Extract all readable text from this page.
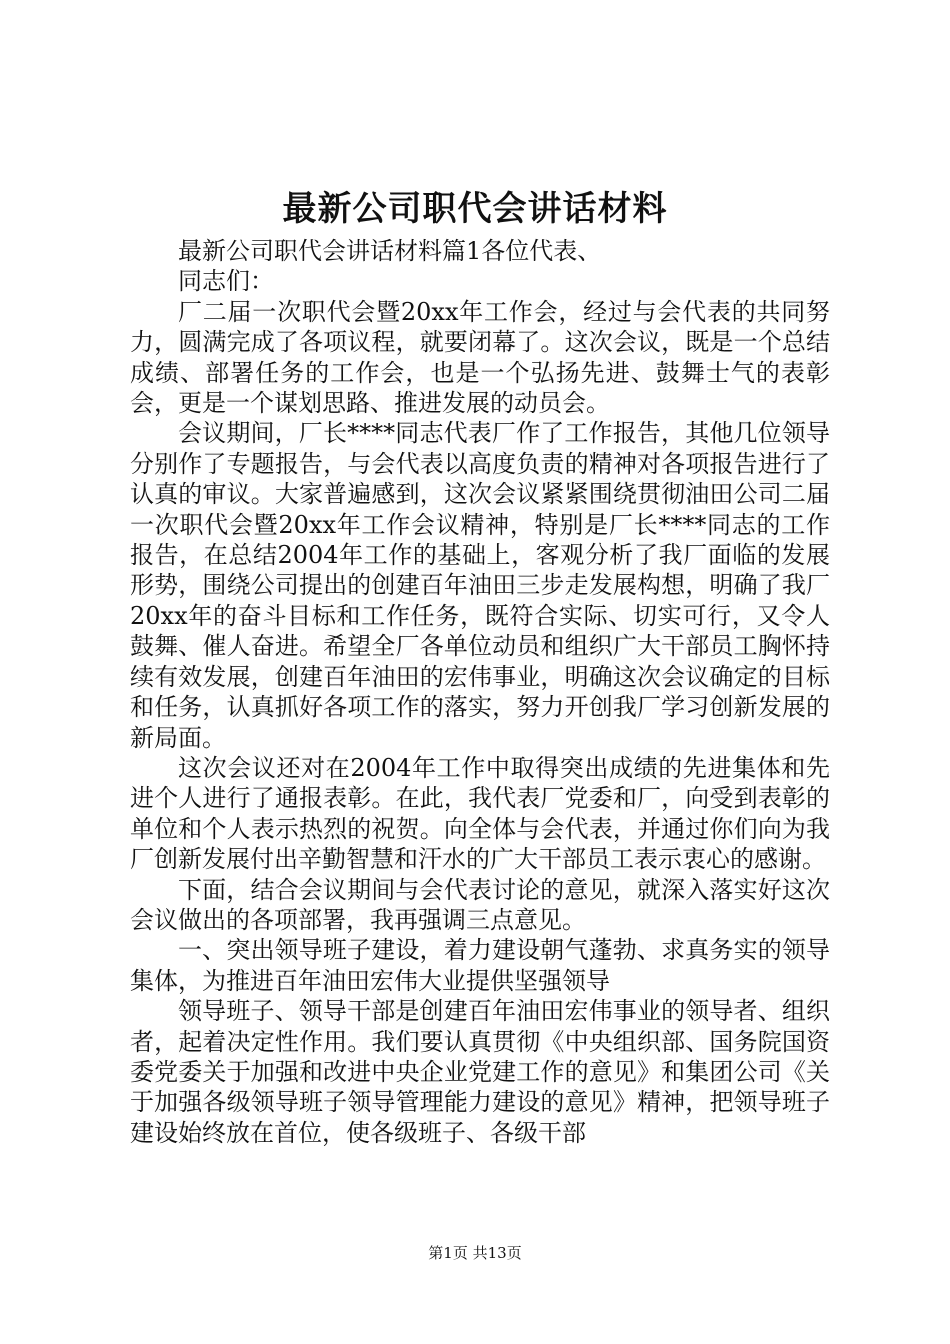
最新公司职代会讲话材料

最新公司职代会讲话材料篇1各位代表、

同志们：

厂二届一次职代会暨20xx年工作会，经过与会代表的共同努力，圆满完成了各项议程，就要闭幕了。这次会议，既是一个总结成绩、部署任务的工作会，也是一个弘扬先进、鼓舞士气的表彰会，更是一个谋划思路、推进发展的动员会。

会议期间，厂长****同志代表厂作了工作报告，其他几位领导分别作了专题报告，与会代表以高度负责的精神对各项报告进行了认真的审议。大家普遍感到，这次会议紧紧围绕贯彻油田公司二届一次职代会暨20xx年工作会议精神，特别是厂长****同志的工作报告，在总结2004年工作的基础上，客观分析了我厂面临的发展形势，围绕公司提出的创建百年油田三步走发展构想，明确了我厂20xx年的奋斗目标和工作任务，既符合实际、切实可行，又令人鼓舞、催人奋进。希望全厂各单位动员和组织广大干部员工胸怀持续有效发展，创建百年油田的宏伟事业，明确这次会议确定的目标和任务，认真抓好各项工作的落实，努力开创我厂学习创新发展的新局面。

这次会议还对在2004年工作中取得突出成绩的先进集体和先进个人进行了通报表彰。在此，我代表厂党委和厂，向受到表彰的单位和个人表示热烈的祝贺。向全体与会代表，并通过你们向为我厂创新发展付出辛勤智慧和汗水的广大干部员工表示衷心的感谢。

下面，结合会议期间与会代表讨论的意见，就深入落实好这次会议做出的各项部署，我再强调三点意见。

一、突出领导班子建设，着力建设朝气蓬勃、求真务实的领导集体，为推进百年油田宏伟大业提供坚强领导

领导班子、领导干部是创建百年油田宏伟事业的领导者、组织者，起着决定性作用。我们要认真贯彻《中央组织部、国务院国资委党委关于加强和改进中央企业党建工作的意见》和集团公司《关于加强各级领导班子领导管理能力建设的意见》精神，把领导班子建设始终放在首位，使各级班子、各级干部

第1页 共13页
